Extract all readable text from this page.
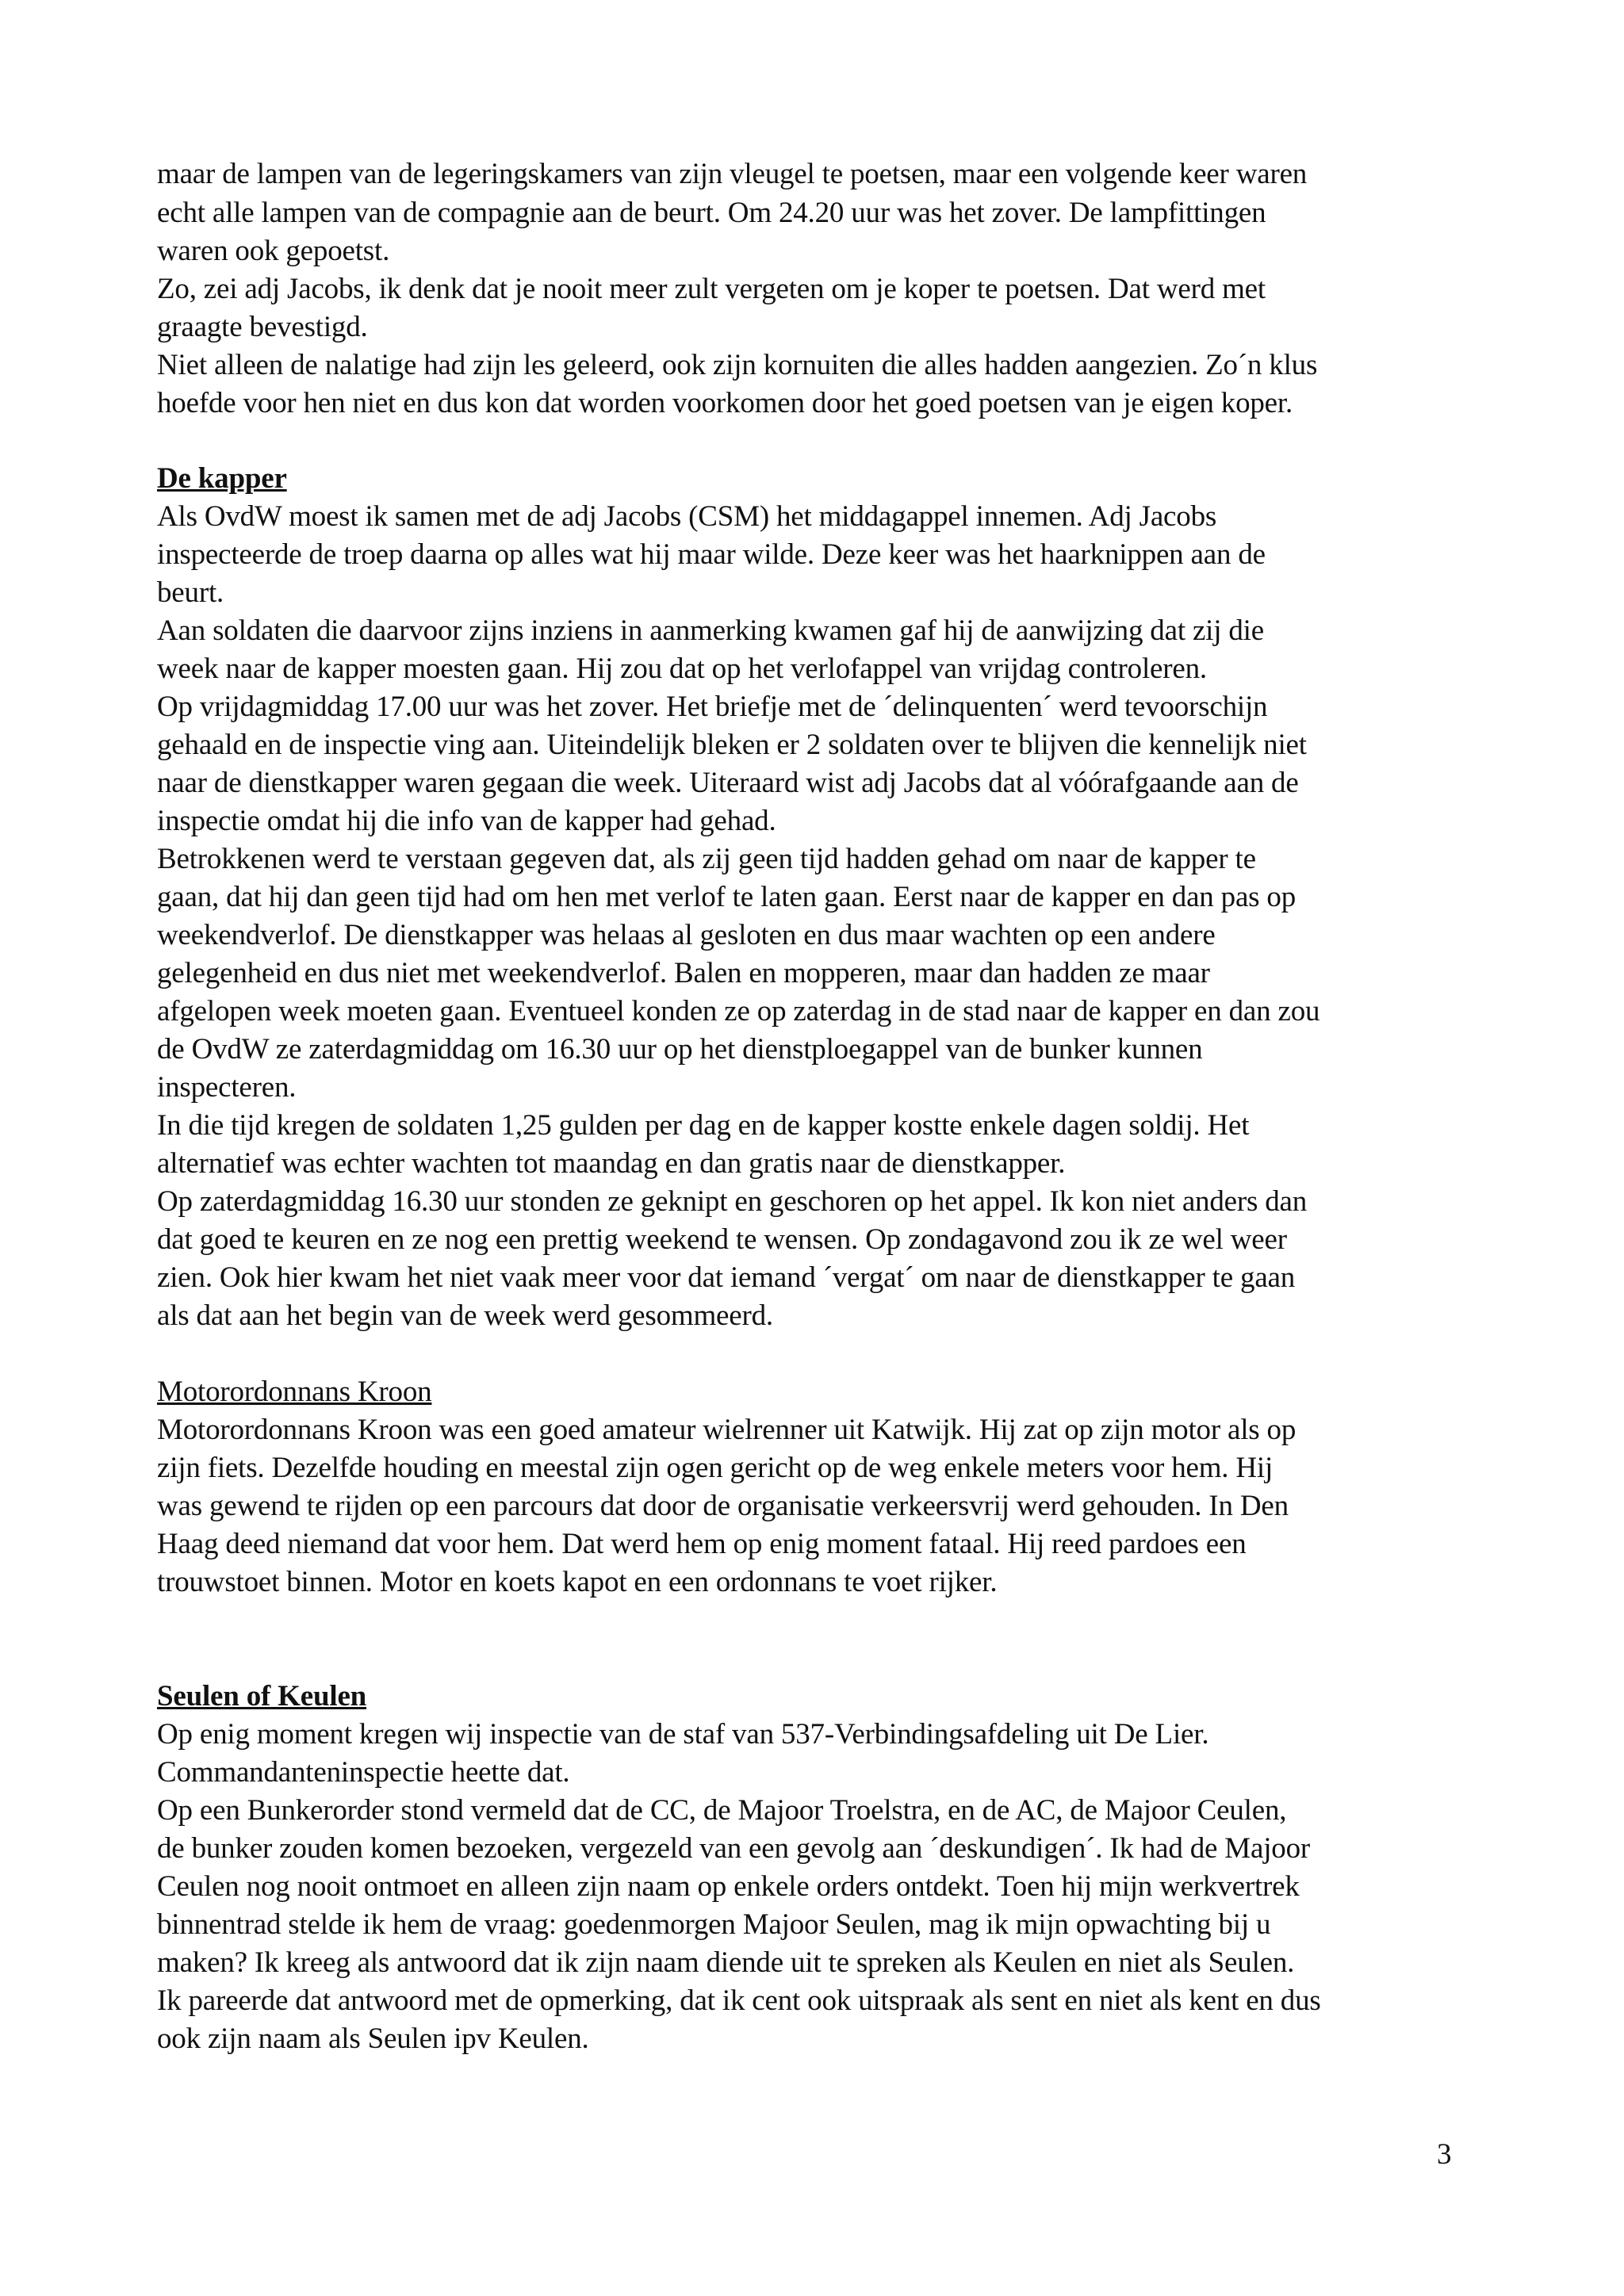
maar de lampen van de legeringskamers van zijn vleugel te poetsen, maar een volgende keer waren
echt alle lampen van de compagnie aan de beurt. Om 24.20 uur was het zover. De lampfittingen
waren ook gepoetst.
Zo, zei adj Jacobs, ik denk dat je nooit meer zult vergeten om je koper te poetsen. Dat werd met
graagte bevestigd.
Niet alleen de nalatige had zijn les geleerd, ook zijn kornuiten die alles hadden aangezien. Zo´n klus
hoefde voor hen niet en dus kon dat worden voorkomen door het goed poetsen van je eigen koper.
De kapper
Als OvdW moest ik samen met de adj Jacobs (CSM) het middagappel innemen. Adj Jacobs
inspecteerde de troep daarna op alles wat hij maar wilde. Deze keer was het haarknippen aan de
beurt.
Aan soldaten die daarvoor zijns inziens in aanmerking kwamen gaf hij de aanwijzing dat zij die
week naar de kapper moesten gaan. Hij zou dat op het verlofappel van vrijdag controleren.
Op vrijdagmiddag 17.00 uur was het zover. Het briefje met de ´delinquenten´ werd tevoorschijn
gehaald en de inspectie ving aan. Uiteindelijk bleken er 2 soldaten over te blijven die kennelijk niet
naar de dienstkapper waren gegaan die week. Uiteraard wist adj Jacobs dat al vóórafgaande aan de
inspectie omdat hij die info van de kapper had gehad.
Betrokkenen werd te verstaan gegeven dat, als zij geen tijd hadden gehad om naar de kapper te
gaan, dat hij dan geen tijd had om hen met verlof te laten gaan. Eerst naar de kapper en dan pas op
weekendverlof. De dienstkapper was helaas al gesloten en dus maar wachten op een andere
gelegenheid en dus niet met weekendverlof. Balen en mopperen, maar dan hadden ze maar
afgelopen week moeten gaan. Eventueel konden ze op zaterdag in de stad naar de kapper en dan zou
de OvdW ze zaterdagmiddag om 16.30 uur op het dienstploegappel van de bunker kunnen
inspecteren.
In die tijd kregen de soldaten 1,25 gulden per dag en de kapper kostte enkele dagen soldij. Het
alternatief was echter wachten tot maandag en dan gratis naar de dienstkapper.
Op zaterdagmiddag 16.30 uur stonden ze geknipt en geschoren op het appel. Ik kon niet anders dan
dat goed te keuren en ze nog een prettig weekend te wensen. Op zondagavond zou ik ze wel weer
zien. Ook hier kwam het niet vaak meer voor dat iemand ´vergat´ om naar de dienstkapper te gaan
als dat aan het begin van de week werd gesommeerd.
Motorordonnans Kroon
Motorordonnans Kroon was een goed amateur wielrenner uit Katwijk. Hij zat op zijn motor als op
zijn fiets. Dezelfde houding en meestal zijn ogen gericht op de weg enkele meters voor hem. Hij
was gewend te rijden op een parcours dat door de organisatie verkeersvrij werd gehouden. In Den
Haag deed niemand dat voor hem. Dat werd hem op enig moment fataal. Hij reed pardoes een
trouwstoet binnen. Motor en koets kapot en een ordonnans te voet rijker.
Seulen of Keulen
Op enig moment kregen wij inspectie van de staf van 537-Verbindingsafdeling uit De Lier.
Commandanteninspectie heette dat.
Op een Bunkerorder stond vermeld dat de CC, de Majoor Troelstra, en de AC, de Majoor Ceulen,
de bunker zouden komen bezoeken, vergezeld van een gevolg aan ´deskundigen´. Ik had de Majoor
Ceulen nog nooit ontmoet en alleen zijn naam op enkele orders ontdekt. Toen hij mijn werkvertrek
binnentrad stelde ik hem de vraag: goedenmorgen Majoor Seulen, mag ik mijn opwachting bij u
maken? Ik kreeg als antwoord dat ik zijn naam diende uit te spreken als Keulen en niet als Seulen.
Ik pareerde dat antwoord met de opmerking, dat ik cent ook uitspraak als sent en niet als kent en dus
ook zijn naam als Seulen ipv Keulen.
3
